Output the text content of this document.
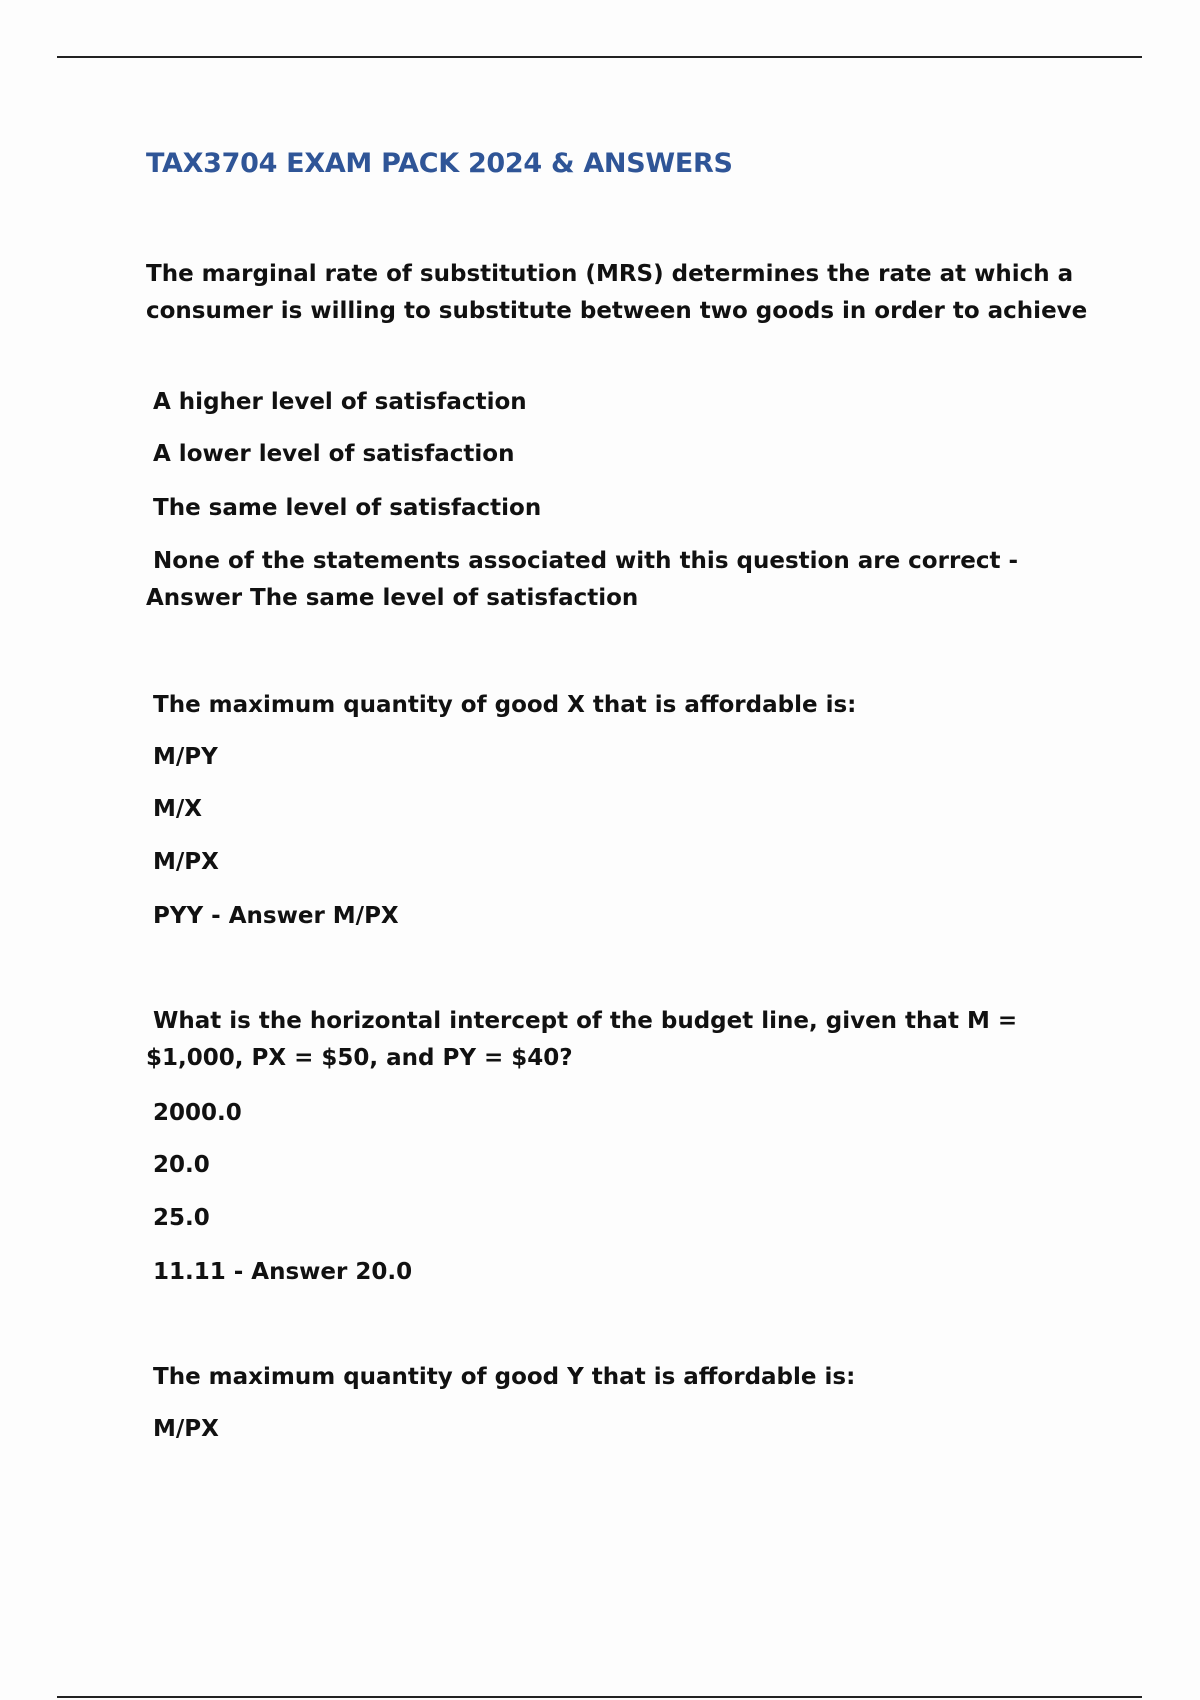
TAX3704 EXAM PACK 2024 & ANSWERS

The marginal rate of substitution (MRS) determines the rate at which a consumer is willing to substitute between two goods in order to achieve

A higher level of satisfaction
A lower level of satisfaction
The same level of satisfaction

None of the statements associated with this question are correct - Answer The same level of satisfaction

The maximum quantity of good X that is affordable is:
M/PY
M/X
M/PX
PYY - Answer M/PX

What is the horizontal intercept of the budget line, given that M = $1,000, PX = $50, and PY = $40?

2000.0
20.0
25.0
11.11 - Answer 20.0
The maximum quantity of good Y that is affordable is:
M/PX
